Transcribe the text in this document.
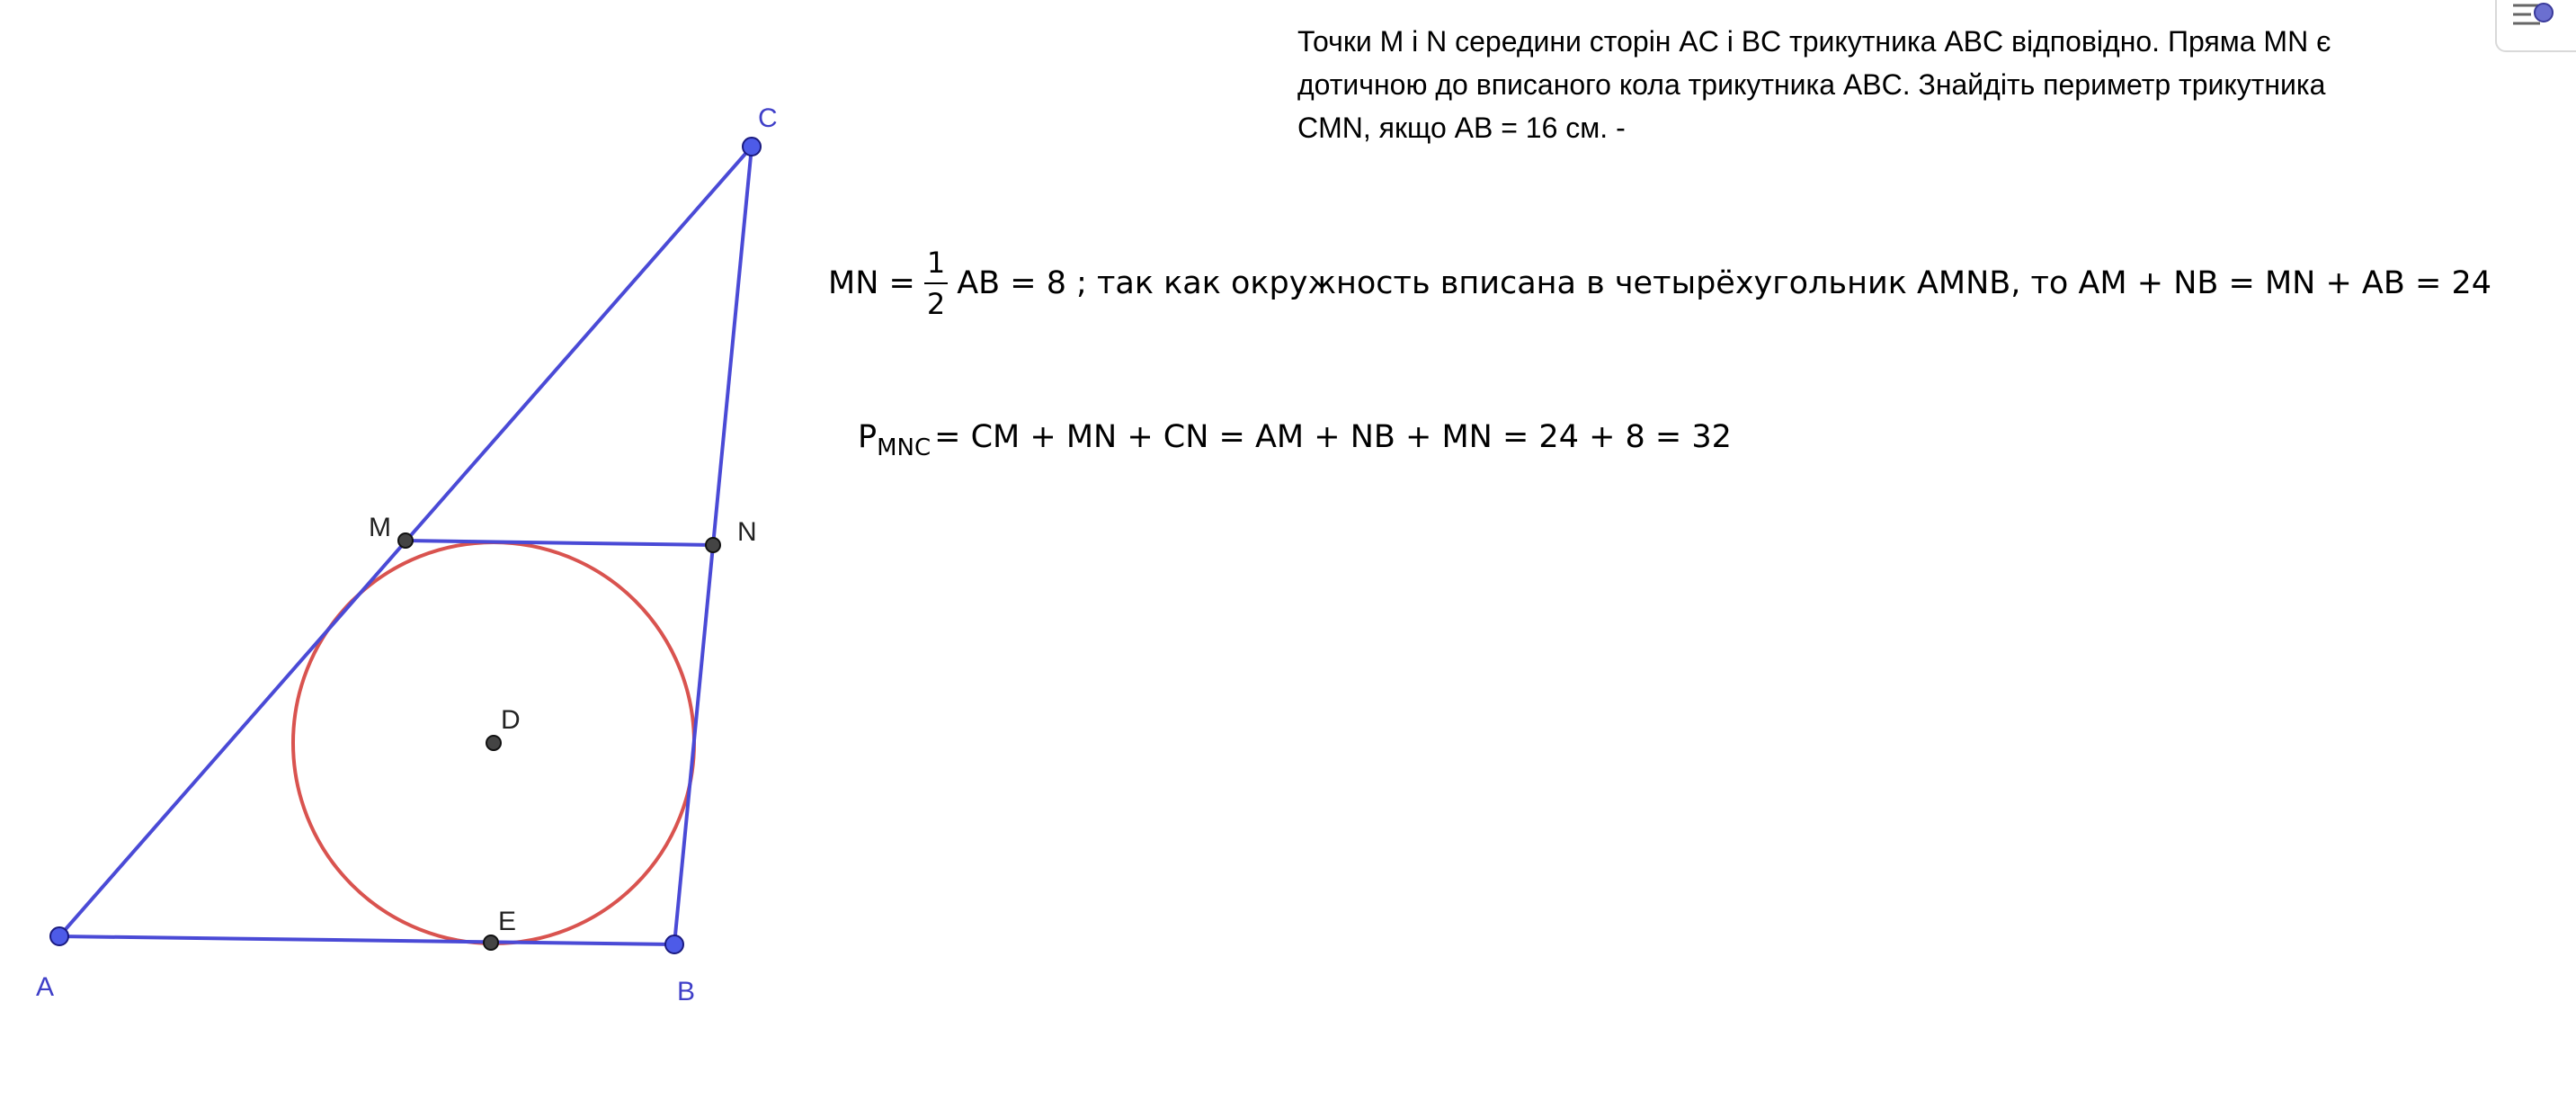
A	B
C
M	N
D
E
Точки M і N середини сторін AC і BC трикутника ABC відповідно. Пряма MN є
дотичною до вписаного кола трикутника ABC. Знайдіть периметр трикутника
CMN, якщо AB = 16 см. -
MN = $\frac{1}{2}$ AB = 8 ; так как окружность вписана в четырёхугольник AMNB, то AM + NB = MN + AB = 24
P MNC = CM + MN + CN = AM + NB + MN = 24 + 8 = 32
